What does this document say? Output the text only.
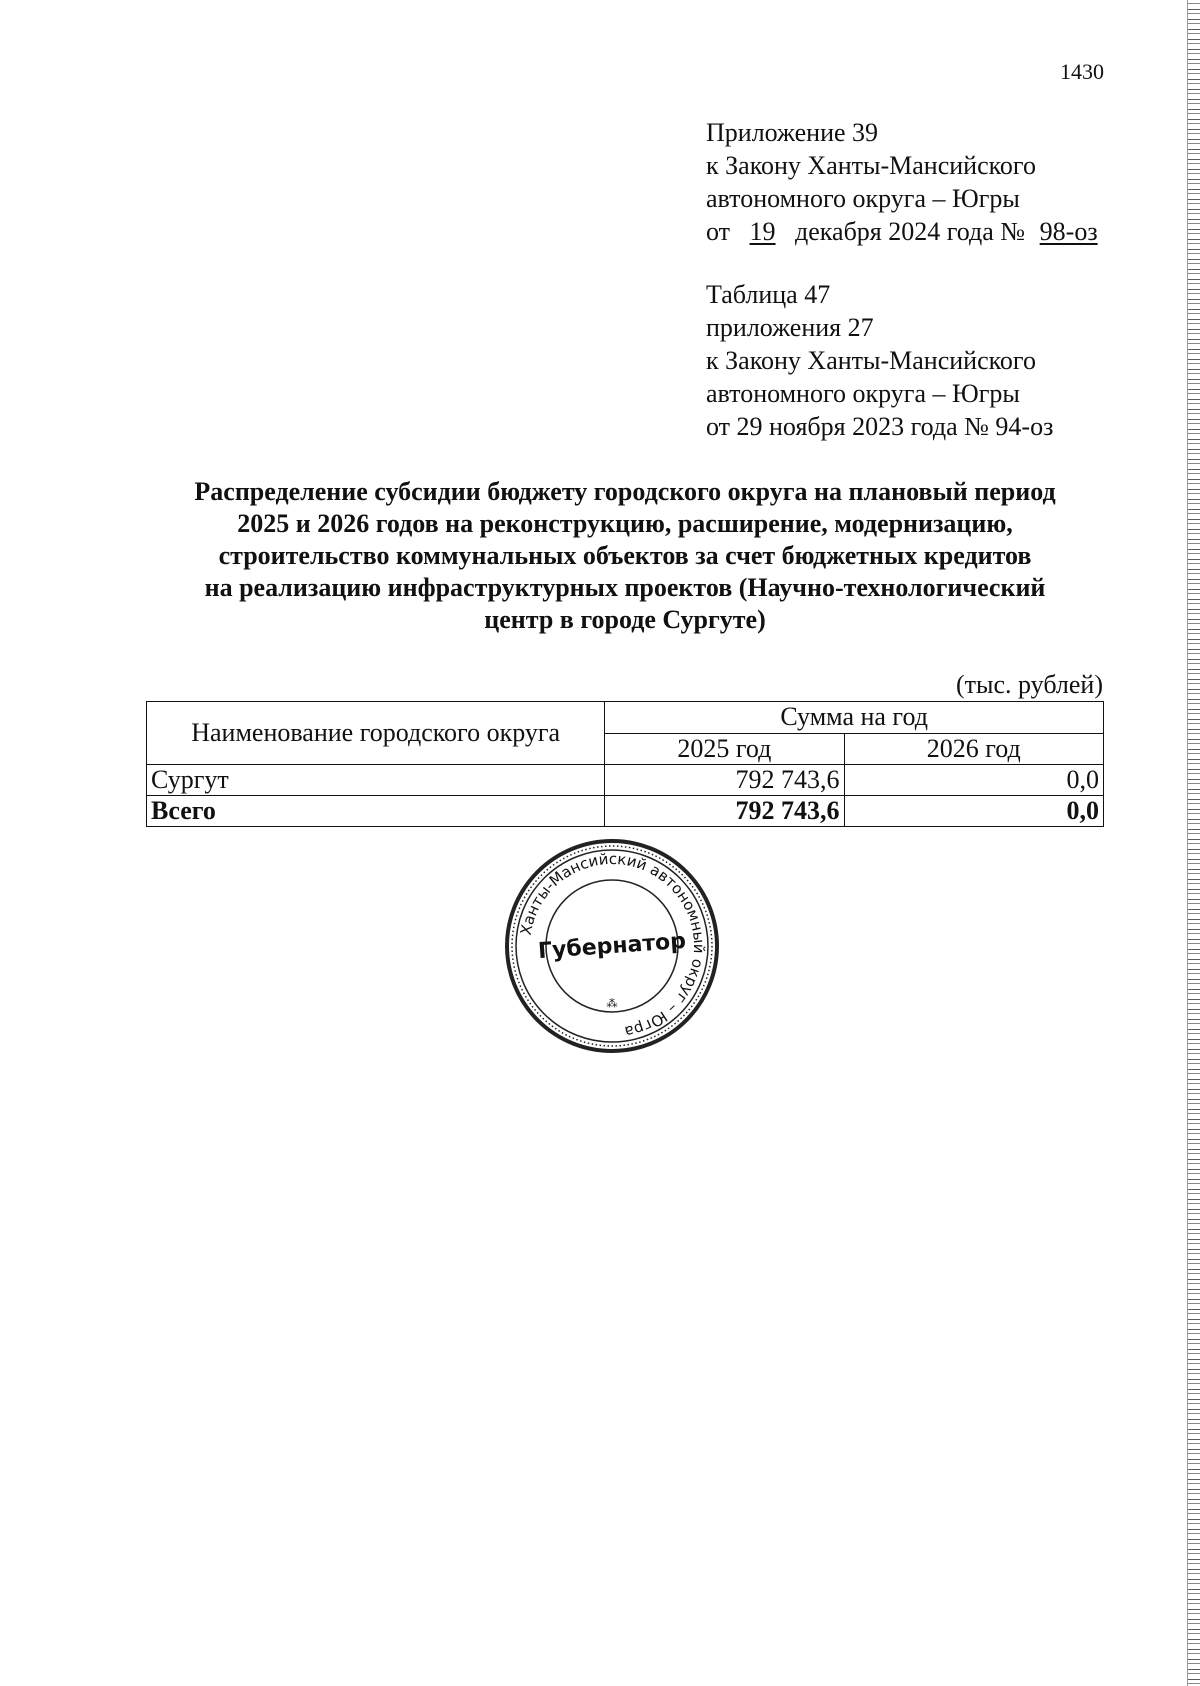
1430
Приложение 39
к Закону Ханты-Мансийского
автономного округа – Югры
от 19 декабря 2024 года № 98-оз
Таблица 47
приложения 27
к Закону Ханты-Мансийского
автономного округа – Югры
от 29 ноября 2023 года № 94-оз
Распределение субсидии бюджету городского округа на плановый период
2025 и 2026 годов на реконструкцию, расширение, модернизацию,
строительство коммунальных объектов за счет бюджетных кредитов
на реализацию инфраструктурных проектов (Научно-технологический
центр в городе Сургуте)
(тыс. рублей)
Наименование городского округа	Сумма на год	
	2025 год	2026 год
Сургут	792 743,6	0,0
Всего	792 743,6	0,0
Ханты-Мансийский автономный округ – Югра
Губернатор
⁂
